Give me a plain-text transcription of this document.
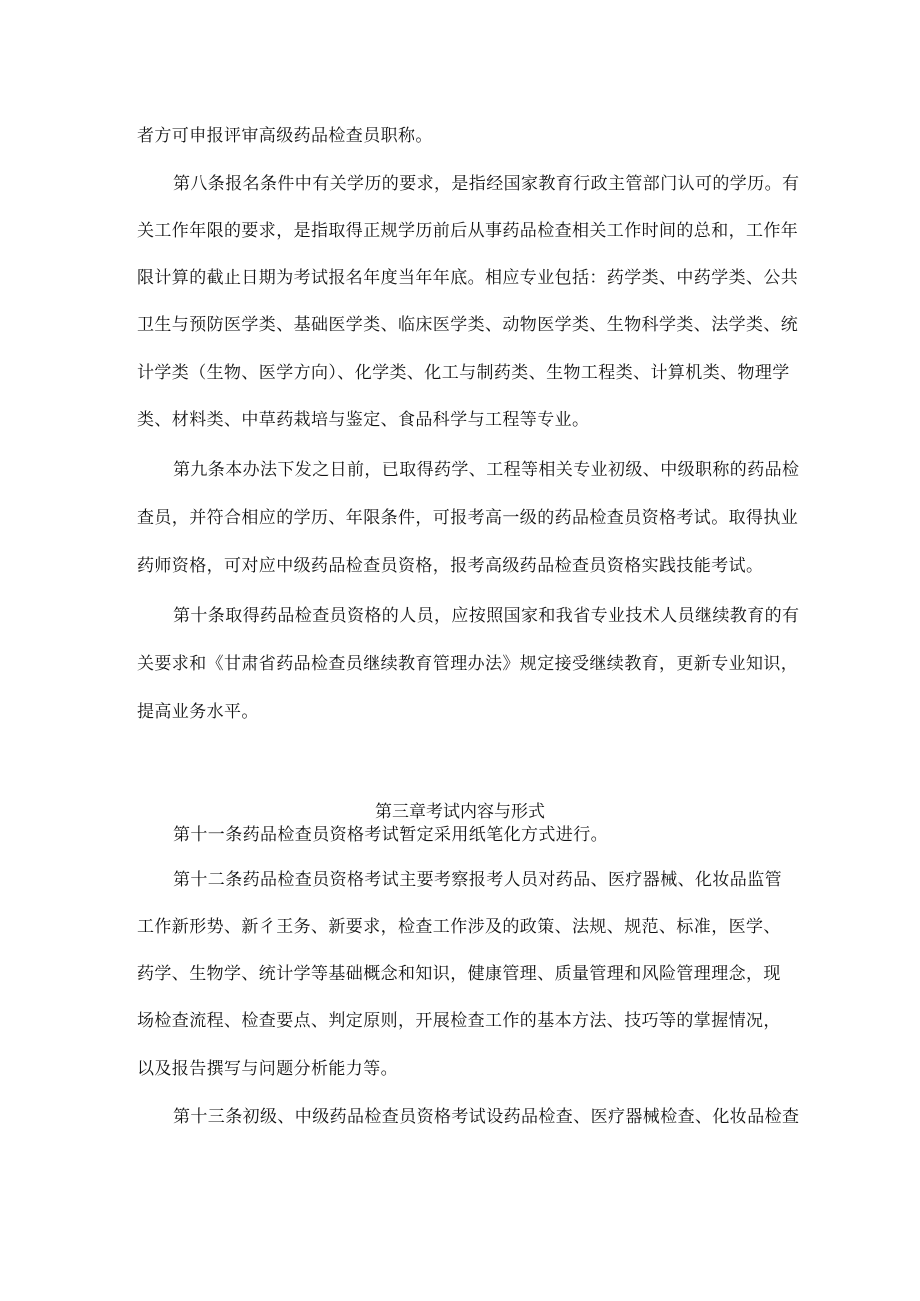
者方可申报评审高级药品检查员职称。
第八条报名条件中有关学历的要求，是指经国家教育行政主管部门认可的学历。有
关工作年限的要求，是指取得正规学历前后从事药品检查相关工作时间的总和，工作年
限计算的截止日期为考试报名年度当年年底。相应专业包括：药学类、中药学类、公共
卫生与预防医学类、基础医学类、临床医学类、动物医学类、生物科学类、法学类、统
计学类（生物、医学方向）、化学类、化工与制药类、生物工程类、计算机类、物理学
类、材料类、中草药栽培与鉴定、食品科学与工程等专业。
第九条本办法下发之日前，已取得药学、工程等相关专业初级、中级职称的药品检
查员，并符合相应的学历、年限条件，可报考高一级的药品检查员资格考试。取得执业
药师资格，可对应中级药品检查员资格，报考高级药品检查员资格实践技能考试。
第十条取得药品检查员资格的人员，应按照国家和我省专业技术人员继续教育的有
关要求和《甘肃省药品检查员继续教育管理办法》规定接受继续教育，更新专业知识，
提高业务水平。
第三章考试内容与形式
第十一条药品检查员资格考试暂定采用纸笔化方式进行。
第十二条药品检查员资格考试主要考察报考人员对药品、医疗器械、化妆品监管
工作新形势、新彳王务、新要求，检查工作涉及的政策、法规、规范、标准，医学、
药学、生物学、统计学等基础概念和知识，健康管理、质量管理和风险管理理念，现
场检查流程、检查要点、判定原则，开展检查工作的基本方法、技巧等的掌握情况，
以及报告撰写与问题分析能力等。
第十三条初级、中级药品检查员资格考试设药品检查、医疗器械检查、化妆品检查
